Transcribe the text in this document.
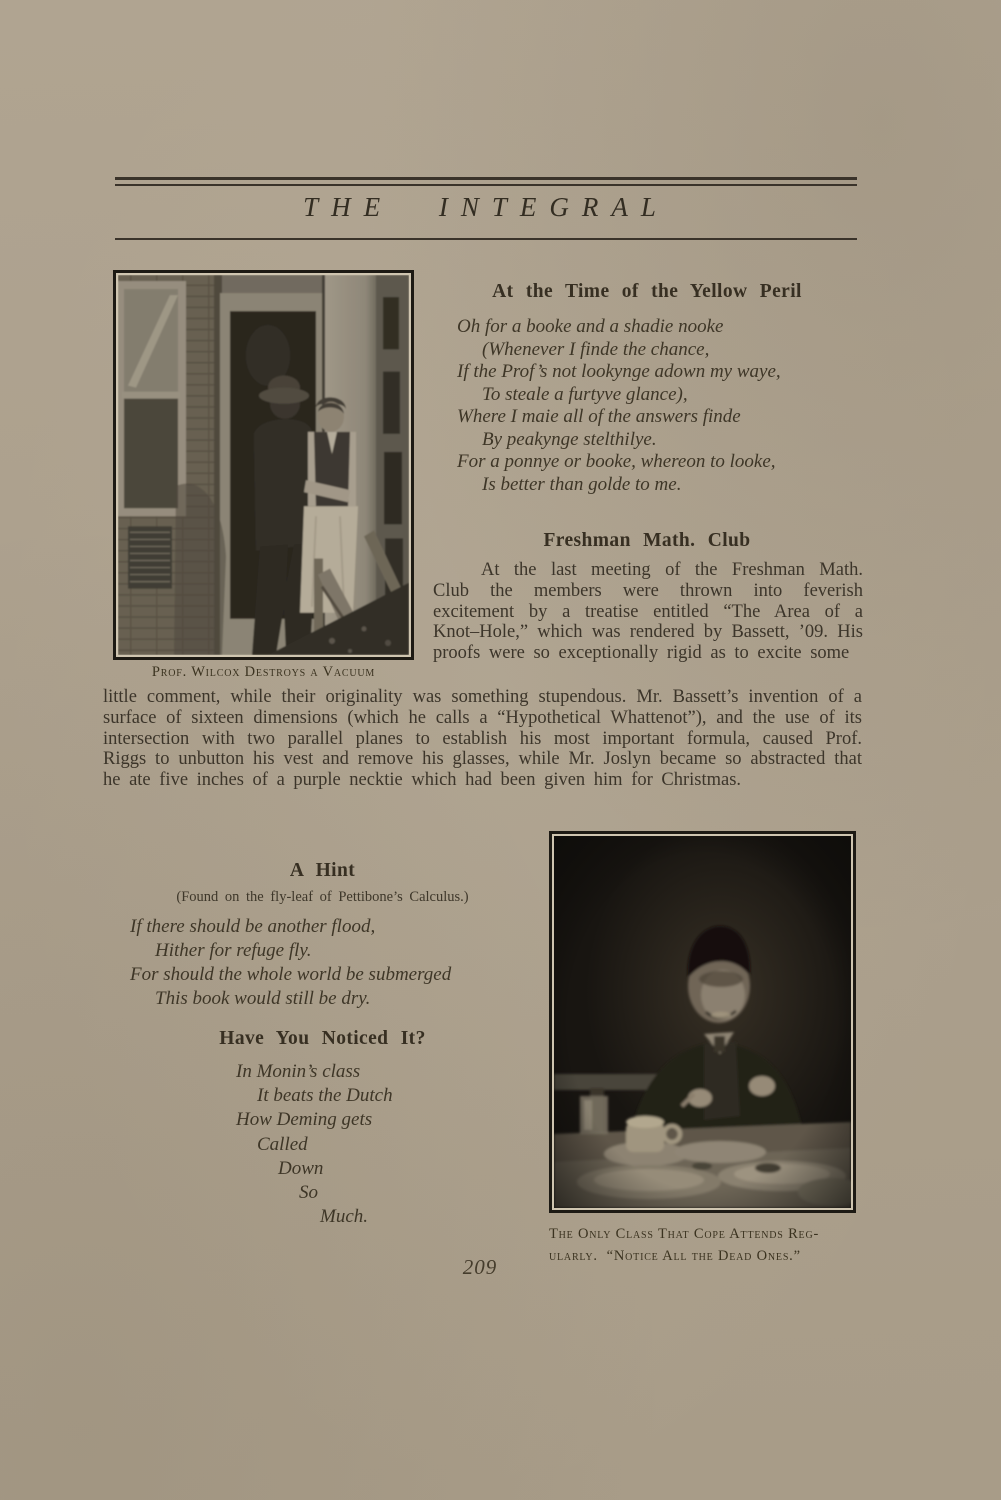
THE INTEGRAL
Prof. Wilcox Destroys a Vacuum
At the Time of the Yellow Peril
Oh for a booke and a shadie nooke
(Whenever I finde the chance,
If the Prof’s not lookynge adown my waye,
To steale a furtyve glance),
Where I maie all of the answers finde
By peakynge stelthilye.
For a ponnye or booke, whereon to looke,
Is better than golde to me.
Freshman Math. Club

At the last meeting of the Freshman Math. Club the members were thrown into feverish excitement by a treatise entitled “The Area of a Knot–Hole,” which was rendered by Bassett, ’09. His proofs were so exceptionally rigid as to excite some

little comment, while their originality was something stupendous. Mr. Bassett’s invention of a surface of sixteen dimensions (which he calls a “Hypothetical Whattenot”), and the use of its intersection with two parallel planes to establish his most important formula, caused Prof. Riggs to unbutton his vest and remove his glasses, while Mr. Joslyn became so abstracted that he ate five inches of a purple necktie which had been given him for Christmas.

A Hint
(Found on the fly-leaf of Pettibone’s Calculus.)
If there should be another flood,
Hither for refuge fly.
For should the whole world be submerged
This book would still be dry.
Have You Noticed It?
In Monin’s class
It beats the Dutch
How Deming gets
Called
Down
So
Much.
The Only Class That Cope Attends Reg-
ularly.  “Notice All the Dead Ones.”
209
